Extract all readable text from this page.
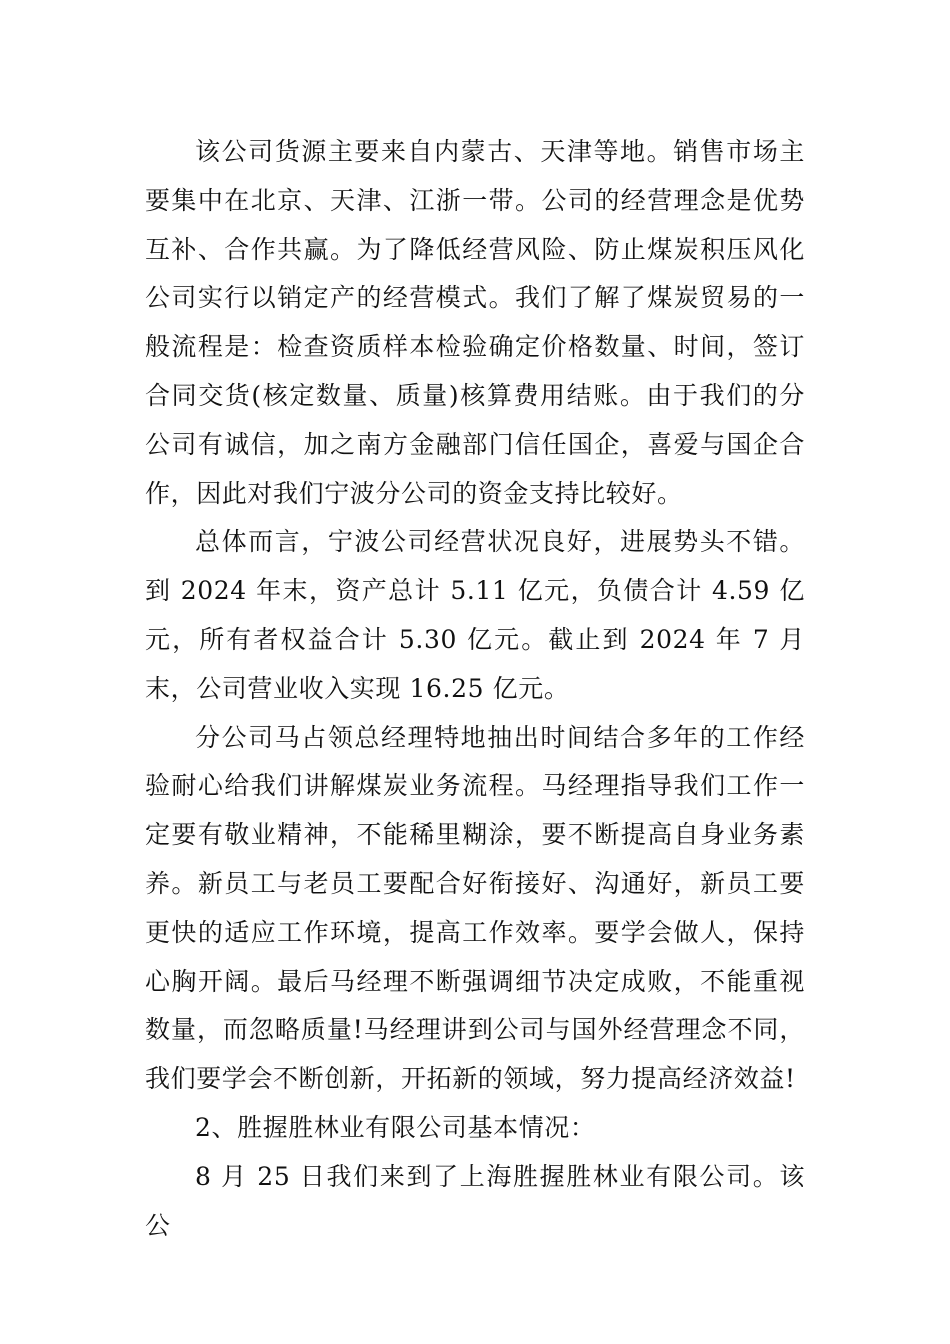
该公司货源主要来自内蒙古、天津等地。销售市场主要集中在北京、天津、江浙一带。公司的经营理念是优势互补、合作共赢。为了降低经营风险、防止煤炭积压风化公司实行以销定产的经营模式。我们了解了煤炭贸易的一般流程是：检查资质样本检验确定价格数量、时间，签订合同交货(核定数量、质量)核算费用结账。由于我们的分公司有诚信，加之南方金融部门信任国企，喜爱与国企合作，因此对我们宁波分公司的资金支持比较好。

总体而言，宁波公司经营状况良好，进展势头不错。到 2024 年末，资产总计 5.11 亿元，负债合计 4.59 亿元，所有者权益合计 5.30 亿元。截止到 2024 年 7 月末，公司营业收入实现 16.25 亿元。

分公司马占领总经理特地抽出时间结合多年的工作经验耐心给我们讲解煤炭业务流程。马经理指导我们工作一定要有敬业精神，不能稀里糊涂，要不断提高自身业务素养。新员工与老员工要配合好衔接好、沟通好，新员工要更快的适应工作环境，提高工作效率。要学会做人，保持心胸开阔。最后马经理不断强调细节决定成败，不能重视数量，而忽略质量!马经理讲到公司与国外经营理念不同，我们要学会不断创新，开拓新的领域，努力提高经济效益!

2、胜握胜林业有限公司基本情况：

8 月 25 日我们来到了上海胜握胜林业有限公司。该公
